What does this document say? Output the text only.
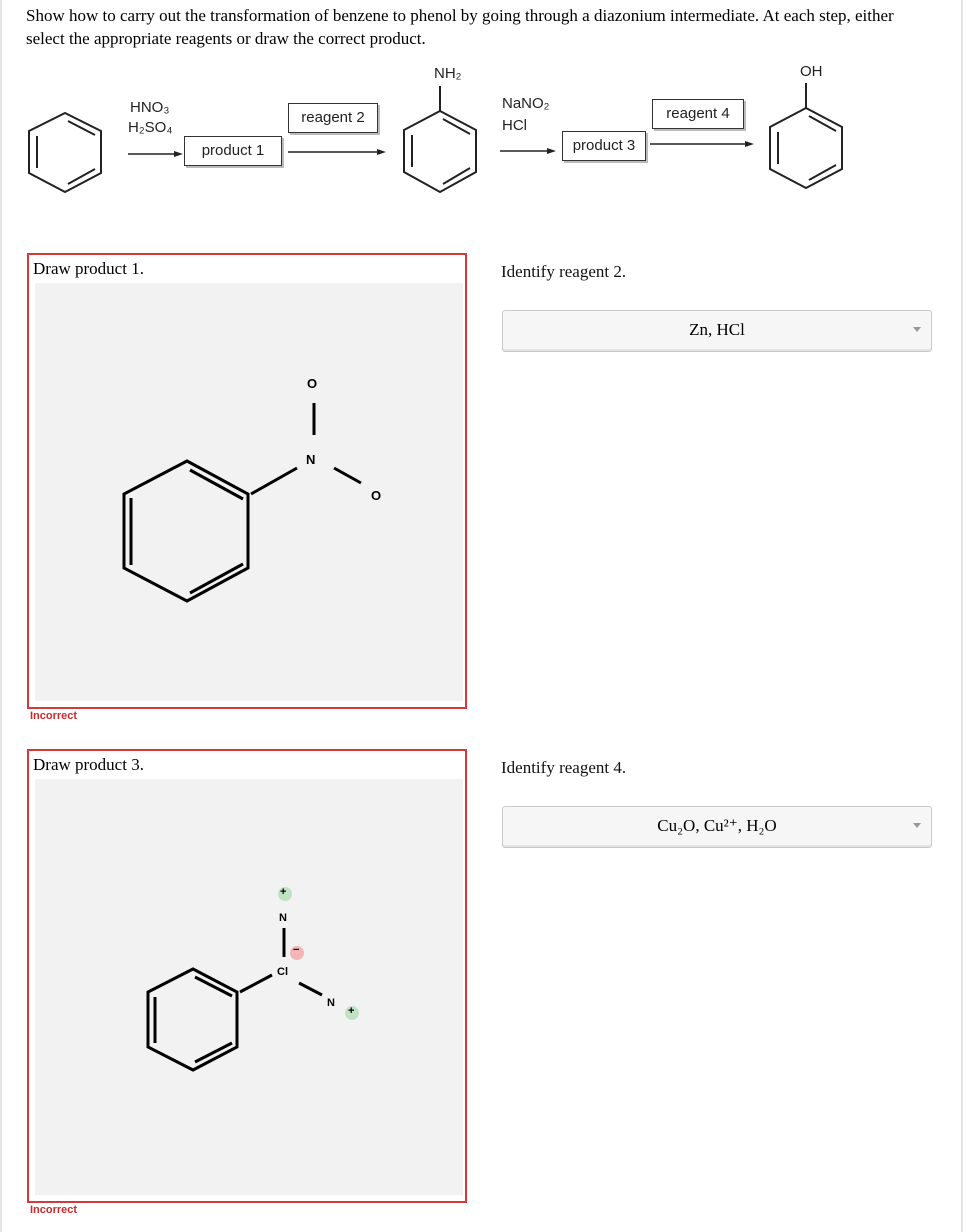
Show how to carry out the transformation of benzene to phenol by going through a diazonium intermediate. At each step, either select the appropriate reagents or draw the correct product.
HNO₃
H₂SO₄
product 1
reagent 2
NH₂
NaNO₂
HCl
product 3
reagent 4
OH
Draw product 1.
O
N
O
Incorrect
Identify reagent 2.
Zn, HCl
Draw product 3.
+
N
−
Cl
N
+
Incorrect
Identify reagent 4.
Cu₂O, Cu²⁺, H₂O
